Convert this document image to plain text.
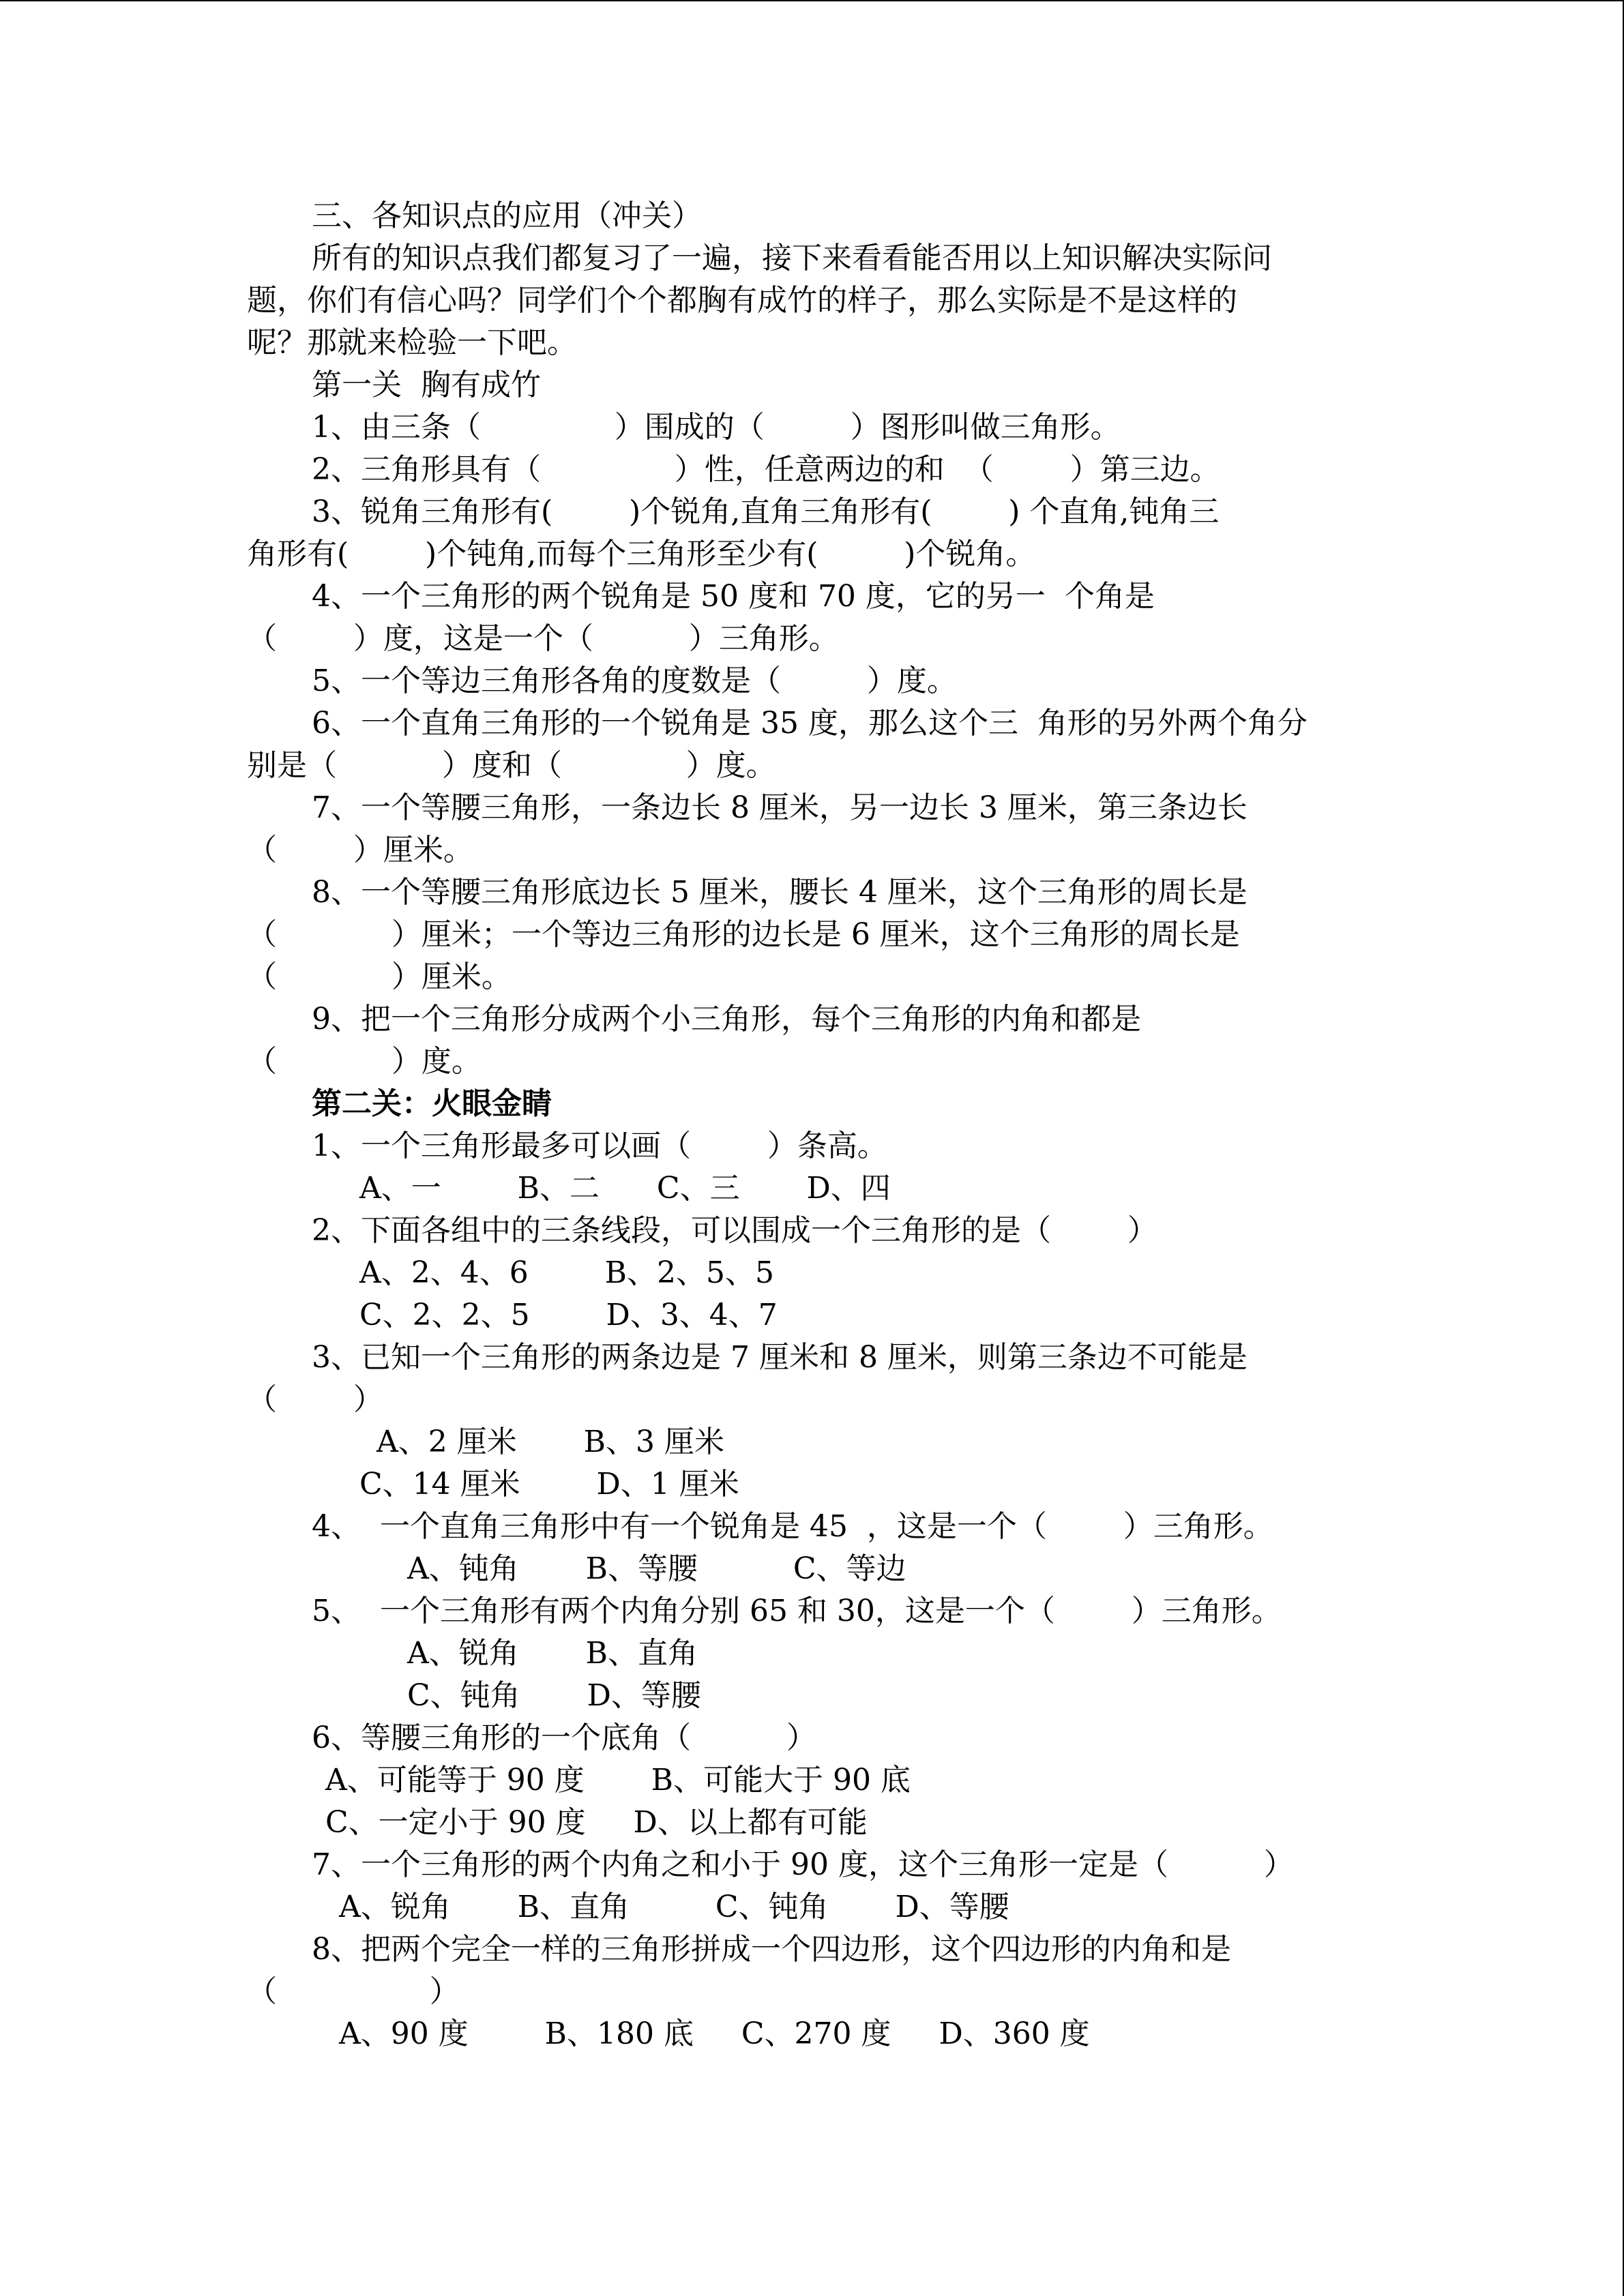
三、各知识点的应用（冲关）
所有的知识点我们都复习了一遍，接下来看看能否用以上知识解决实际问
题，你们有信心吗？同学们个个都胸有成竹的样子，那么实际是不是这样的
呢？那就来检验一下吧。
第一关  胸有成竹
1、由三条（              ）围成的（         ）图形叫做三角形。
2、三角形具有（              ）性，任意两边的和  （        ）第三边。
3、锐角三角形有(        )个锐角,直角三角形有(        ) 个直角,钝角三
角形有(        )个钝角,而每个三角形至少有(         )个锐角。
4、一个三角形的两个锐角是 50 度和 70 度，它的另一  个角是
（        ）度，这是一个（          ）三角形。
5、一个等边三角形各角的度数是（         ）度。
6、一个直角三角形的一个锐角是 35 度，那么这个三  角形的另外两个角分
别是（           ）度和（             ）度。
7、一个等腰三角形，一条边长 8 厘米，另一边长 3 厘米，第三条边长
（        ）厘米。
8、一个等腰三角形底边长 5 厘米，腰长 4 厘米，这个三角形的周长是
（            ）厘米；一个等边三角形的边长是 6 厘米，这个三角形的周长是
（            ）厘米。
9、把一个三角形分成两个小三角形，每个三角形的内角和都是
（            ）度。
第二关：火眼金睛
1、一个三角形最多可以画（        ）条高。
A、一        B、二      C、三       D、四
2、下面各组中的三条线段，可以围成一个三角形的是（        ）
A、2、4、6        B、2、5、5
C、2、2、5        D、3、4、7
3、已知一个三角形的两条边是 7 厘米和 8 厘米，则第三条边不可能是
（        ）
A、2 厘米       B、3 厘米
C、14 厘米        D、1 厘米
4、  一个直角三角形中有一个锐角是 45  ，这是一个（        ）三角形。
A、钝角       B、等腰          C、等边
5、  一个三角形有两个内角分别 65 和 30，这是一个（        ）三角形。
A、锐角       B、直角
C、钝角       D、等腰
6、等腰三角形的一个底角（          ）
A、可能等于 90 度       B、可能大于 90 底
C、一定小于 90 度     D、以上都有可能
7、一个三角形的两个内角之和小于 90 度，这个三角形一定是（          ）
A、锐角       B、直角         C、钝角       D、等腰
8、把两个完全一样的三角形拼成一个四边形，这个四边形的内角和是
（                ）
A、90 度        B、180 底     C、270 度     D、360 度
